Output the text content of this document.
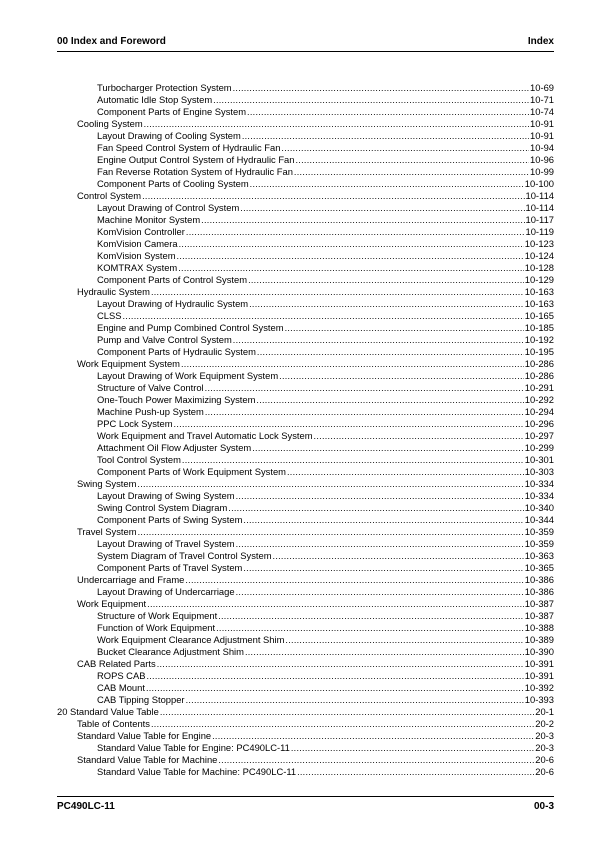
00 Index and Foreword	Index
Turbocharger Protection System .....	10-69
Automatic Idle Stop System .....	10-71
Component Parts of Engine System .....	10-74
Cooling System .....	10-91
Layout Drawing of Cooling System .....	10-91
Fan Speed Control System of Hydraulic Fan .....	10-94
Engine Output Control System of Hydraulic Fan .....	10-96
Fan Reverse Rotation System of Hydraulic Fan .....	10-99
Component Parts of Cooling System .....	10-100
Control System .....	10-114
Layout Drawing of Control System .....	10-114
Machine Monitor System .....	10-117
KomVision Controller .....	10-119
KomVision Camera .....	10-123
KomVision System .....	10-124
KOMTRAX System .....	10-128
Component Parts of Control System .....	10-129
Hydraulic System .....	10-163
Layout Drawing of Hydraulic System .....	10-163
CLSS .....	10-165
Engine and Pump Combined Control System .....	10-185
Pump and Valve Control System .....	10-192
Component Parts of Hydraulic System .....	10-195
Work Equipment System .....	10-286
Layout Drawing of Work Equipment System .....	10-286
Structure of Valve Control .....	10-291
One-Touch Power Maximizing System .....	10-292
Machine Push-up System .....	10-294
PPC Lock System .....	10-296
Work Equipment and Travel Automatic Lock System .....	10-297
Attachment Oil Flow Adjuster System .....	10-299
Tool Control System .....	10-301
Component Parts of Work Equipment System .....	10-303
Swing System .....	10-334
Layout Drawing of Swing System .....	10-334
Swing Control System Diagram .....	10-340
Component Parts of Swing System .....	10-344
Travel System .....	10-359
Layout Drawing of Travel System .....	10-359
System Diagram of Travel Control System .....	10-363
Component Parts of Travel System .....	10-365
Undercarriage and Frame .....	10-386
Layout Drawing of Undercarriage .....	10-386
Work Equipment .....	10-387
Structure of Work Equipment .....	10-387
Function of Work Equipment .....	10-388
Work Equipment Clearance Adjustment Shim .....	10-389
Bucket Clearance Adjustment Shim .....	10-390
CAB Related Parts .....	10-391
ROPS CAB .....	10-391
CAB Mount .....	10-392
CAB Tipping Stopper .....	10-393
20 Standard Value Table .....	20-1
Table of Contents .....	20-2
Standard Value Table for Engine .....	20-3
Standard Value Table for Engine: PC490LC-11 .....	20-3
Standard Value Table for Machine .....	20-6
Standard Value Table for Machine: PC490LC-11 .....	20-6
PC490LC-11	00-3
